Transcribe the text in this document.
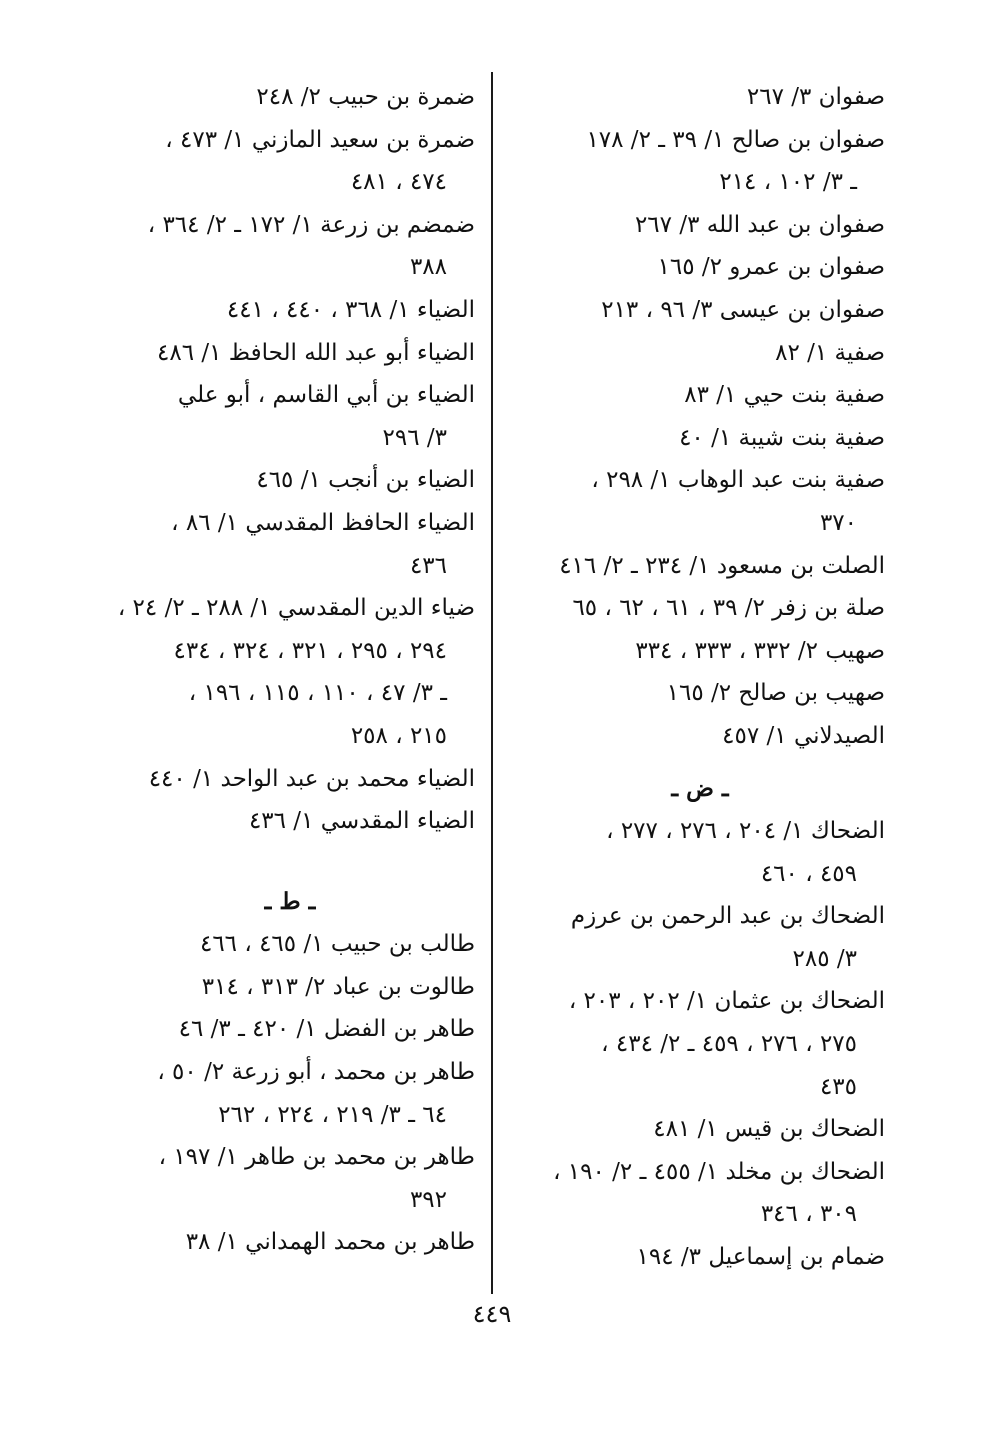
صفوان ٣/ ٢٦٧
صفوان بن صالح ١/ ٣٩ ـ ٢/ ١٧٨
ـ ٣/ ١٠٢ ، ٢١٤
صفوان بن عبد الله ٣/ ٢٦٧
صفوان بن عمرو ٢/ ١٦٥
صفوان بن عيسى ٣/ ٩٦ ، ٢١٣
صفية ١/ ٨٢
صفية بنت حيي ١/ ٨٣
صفية بنت شيبة ١/ ٤٠
صفية بنت عبد الوهاب ١/ ٢٩٨ ،
٣٧٠
الصلت بن مسعود ١/ ٢٣٤ ـ ٢/ ٤١٦
صلة بن زفر ٢/ ٣٩ ، ٦١ ، ٦٢ ، ٦٥
صهيب ٢/ ٣٣٢ ، ٣٣٣ ، ٣٣٤
صهيب بن صالح ٢/ ١٦٥
الصيدلاني ١/ ٤٥٧
ـ ض ـ
الضحاك ١/ ٢٠٤ ، ٢٧٦ ، ٢٧٧ ،
٤٥٩ ، ٤٦٠
الضحاك بن عبد الرحمن بن عرزم
٣/ ٢٨٥
الضحاك بن عثمان ١/ ٢٠٢ ، ٢٠٣ ،
٢٧٥ ، ٢٧٦ ، ٤٥٩ ـ ٢/ ٤٣٤ ،
٤٣٥
الضحاك بن قيس ١/ ٤٨١
الضحاك بن مخلد ١/ ٤٥٥ ـ ٢/ ١٩٠ ،
٣٠٩ ، ٣٤٦
ضمام بن إسماعيل ٣/ ١٩٤
ضمرة بن حبيب ٢/ ٢٤٨
ضمرة بن سعيد المازني ١/ ٤٧٣ ،
٤٧٤ ، ٤٨١
ضمضم بن زرعة ١/ ١٧٢ ـ ٢/ ٣٦٤ ،
٣٨٨
الضياء ١/ ٣٦٨ ، ٤٤٠ ، ٤٤١
الضياء أبو عبد الله الحافظ ١/ ٤٨٦
الضياء بن أبي القاسم ، أبو علي
٣/ ٢٩٦
الضياء بن أنجب ١/ ٤٦٥
الضياء الحافظ المقدسي ١/ ٨٦ ،
٤٣٦
ضياء الدين المقدسي ١/ ٢٨٨ ـ ٢/ ٢٤ ،
٢٩٤ ، ٢٩٥ ، ٣٢١ ، ٣٢٤ ، ٤٣٤
ـ ٣/ ٤٧ ، ١١٠ ، ١١٥ ، ١٩٦ ،
٢١٥ ، ٢٥٨
الضياء محمد بن عبد الواحد ١/ ٤٤٠
الضياء المقدسي ١/ ٤٣٦
ـ ط ـ
طالب بن حبيب ١/ ٤٦٥ ، ٤٦٦
طالوت بن عباد ٢/ ٣١٣ ، ٣١٤
طاهر بن الفضل ١/ ٤٢٠ ـ ٣/ ٤٦
طاهر بن محمد ، أبو زرعة ٢/ ٥٠ ،
٦٤ ـ ٣/ ٢١٩ ، ٢٢٤ ، ٢٦٢
طاهر بن محمد بن طاهر ١/ ١٩٧ ،
٣٩٢
طاهر بن محمد الهمداني ١/ ٣٨
٤٤٩
